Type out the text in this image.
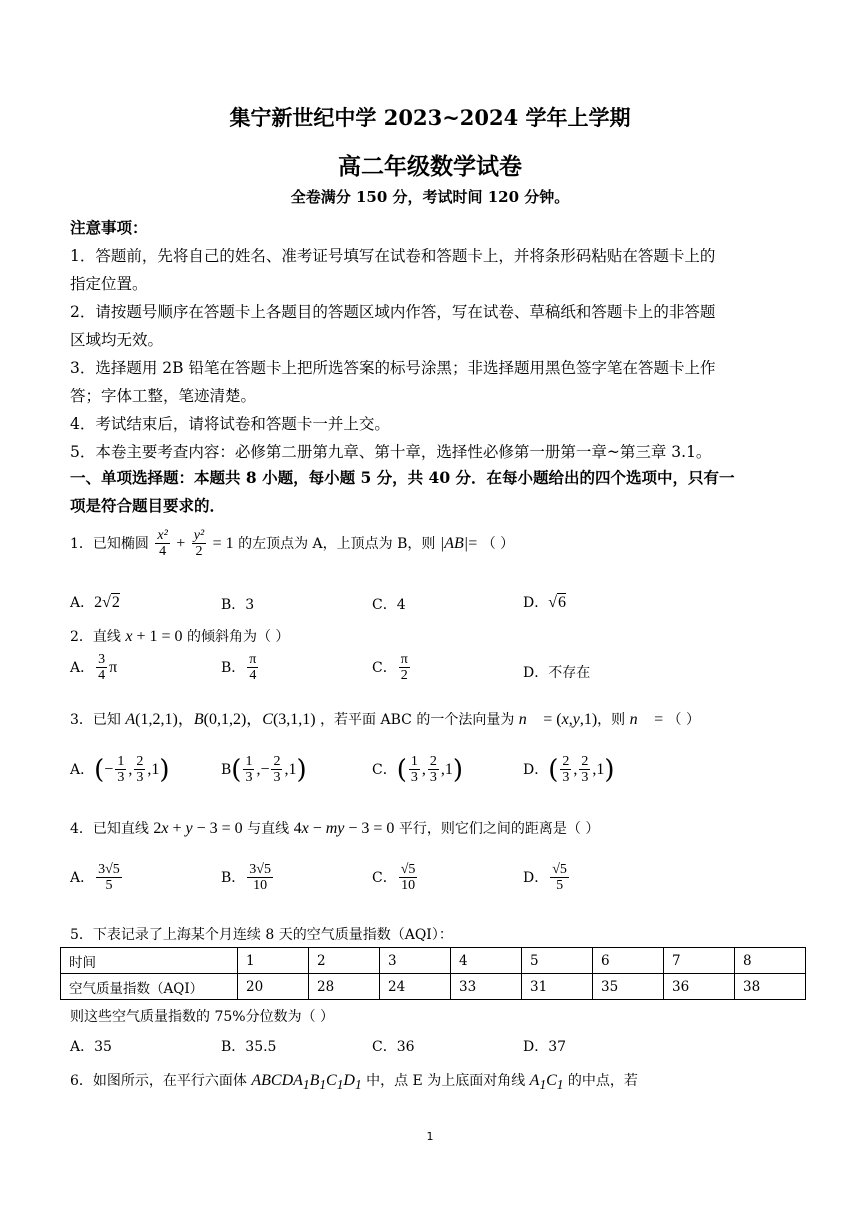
集宁新世纪中学 2023~2024 学年上学期
高二年级数学试卷
全卷满分 150 分，考试时间 120 分钟。
注意事项：
1．答题前，先将自己的姓名、准考证号填写在试卷和答题卡上，并将条形码粘贴在答题卡上的
指定位置。
2．请按题号顺序在答题卡上各题目的答题区域内作答，写在试卷、草稿纸和答题卡上的非答题
区域均无效。
3．选择题用 2B 铅笔在答题卡上把所选答案的标号涂黑；非选择题用黑色签字笔在答题卡上作
答；字体工整，笔迹清楚。
4．考试结束后，请将试卷和答题卡一并上交。
5．本卷主要考查内容：必修第二册第九章、第十章，选择性必修第一册第一章~第三章 3.1。
一、单项选择题：本题共 8 小题，每小题 5 分，共 40 分．在每小题给出的四个选项中，只有一
项是符合题目要求的．
1．已知椭圆 $\frac{\text{x²}}{4} + \frac{\text{y²}}{2} = 1$ 的左顶点为 A，上顶点为 B，则 |AB|= （ ）
A．2√2	B．3	C．4	D．√6
2．直线 x + 1 = 0 的倾斜角为（ ）
A． $\frac{3}{4}$ π	B． $\frac{\pi}{4}$	C． $\frac{\pi}{2}$	D．不存在
3．已知 A(1,2,1)，B(0,1,2)，C(3,1,1) ，若平面 ABC 的一个法向量为 n⃗ = (x,y,1)，则 n⃗ = （ ）
A．(− $\frac{1}{3}$ , $\frac{2}{3} ,1$)	$B( \frac{1}{3}$ ,− $\frac{2}{3} ,1$)	C．( $\frac{1}{3}$ , $\frac{2}{3} ,1$)	D．( $\frac{2}{3}$ , $\frac{2}{3} ,1$)
4．已知直线 2x + y − 3 = 0 与直线 4x − my − 3 = 0 平行，则它们之间的距离是（ ）
A． $\frac{3√5}{5}$	B． $\frac{3√5}{10}$	C． $\frac{√5}{10}$	D． $\frac{√5}{5}$
5．下表记录了上海某个月连续 8 天的空气质量指数（AQI）：
时间	1	2	3	4	5	6	7	8
空气质量指数（AQI）	20	28	24	33	31	35	36	38
则这些空气质量指数的 75%分位数为（ ）
A．35	B．35.5	C．36	D．37
6．如图所示，在平行六面体 $ABCDA_1B_1C_1D_1$ 中，点 E 为上底面对角线 $A_1C_1$ 的中点，若
1
